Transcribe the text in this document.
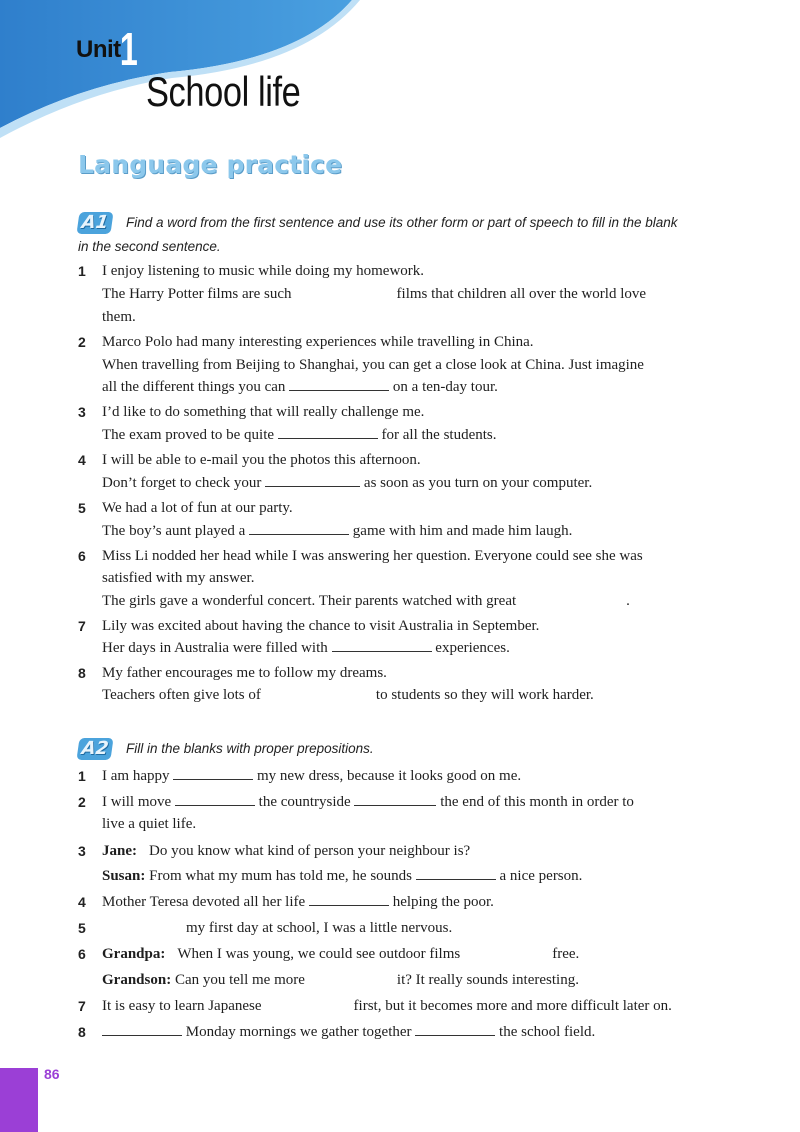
Unit 1
School life
Language practice
A1 Find a word from the first sentence and use its other form or part of speech to fill in the blank
in the second sentence.
1 I enjoy listening to music while doing my homework.
The Harry Potter films are such	films that children all over the world love
them.
2 Marco Polo had many interesting experiences while travelling in China.
When travelling from Beijing to Shanghai, you can get a close look at China. Just imagine
all the different things you can	on a ten-day tour.
3 I’d like to do something that will really challenge me.
The exam proved to be quite	for all the students.
4 I will be able to e-mail you the photos this afternoon.
Don’t forget to check your	as soon as you turn on your computer.
5 We had a lot of fun at our party.
The boy’s aunt played a	game with him and made him laugh.
6 Miss Li nodded her head while I was answering her question. Everyone could see she was
satisfied with my answer.
The girls gave a wonderful concert. Their parents watched with great	.
7 Lily was excited about having the chance to visit Australia in September.
Her days in Australia were filled with	experiences.
8 My father encourages me to follow my dreams.
Teachers often give lots of	to students so they will work harder.
A2 Fill in the blanks with proper prepositions.
1 I am happy	my new dress, because it looks good on me.
2 I will move	the countryside	the end of this month in order to
live a quiet life.
3 Jane: Do you know what kind of person your neighbour is?
Susan: From what my mum has told me, he sounds	a nice person.
4 Mother Teresa devoted all her life	helping the poor.
5	my first day at school, I was a little nervous.
6 Grandpa: When I was young, we could see outdoor films	free.
Grandson: Can you tell me more	it? It really sounds interesting.
7 It is easy to learn Japanese	first, but it becomes more and more difficult later on.
8	Monday mornings we gather together	the school field.
86
